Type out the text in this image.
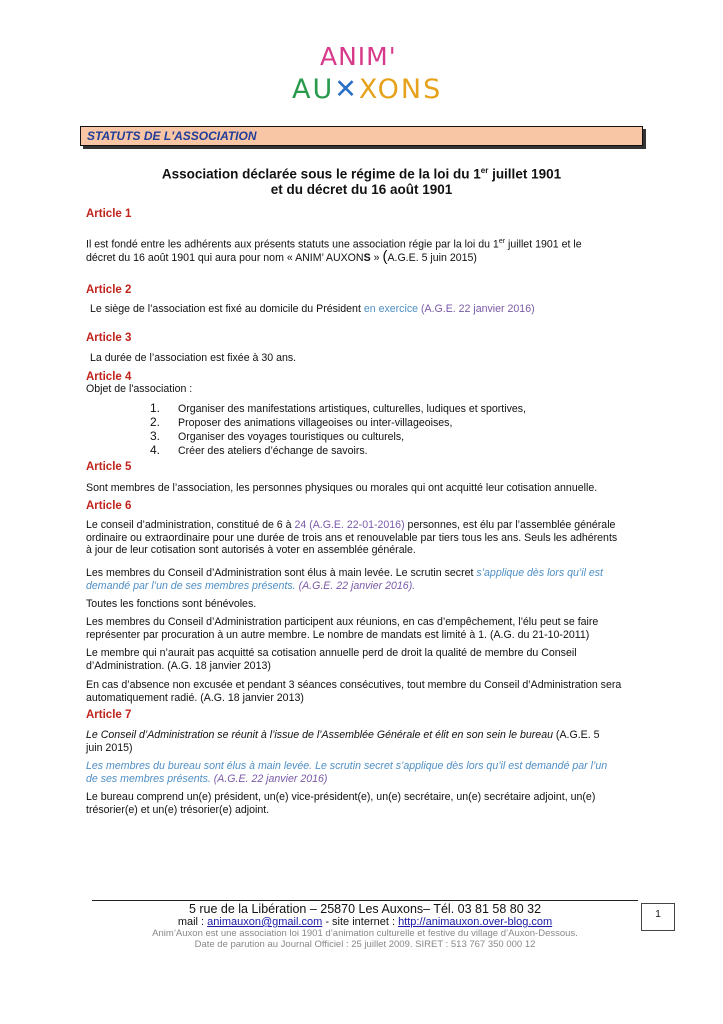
ANIM'
AU✕XONS
STATUTS DE L'ASSOCIATION
Association déclarée sous le régime de la loi du 1er juillet 1901
et du décret du 16 août 1901
Article 1
Il est fondé entre les adhérents aux présents statuts une association régie par la loi du 1er juillet 1901 et le
décret du 16 août 1901 qui aura pour nom « ANIM’ AUXONS » (A.G.E. 5 juin 2015)
Article 2
Le siège de l’association est fixé au domicile du Président en exercice (A.G.E. 22 janvier 2016)
Article 3
La durée de l’association est fixée à 30 ans.
Article 4
Objet de l'association :
1. Organiser des manifestations artistiques, culturelles, ludiques et sportives,
2. Proposer des animations villageoises ou inter-villageoises,
3. Organiser des voyages touristiques ou culturels,
4. Créer des ateliers d’échange de savoirs.
Article 5
Sont membres de l’association, les personnes physiques ou morales qui ont acquitté leur cotisation annuelle.
Article 6
Le conseil d’administration, constitué de 6 à 24 (A.G.E. 22-01-2016) personnes, est élu par l’assemblée générale
ordinaire ou extraordinaire pour une durée de trois ans et renouvelable par tiers tous les ans. Seuls les adhérents
à jour de leur cotisation sont autorisés à voter en assemblée générale.
Les membres du Conseil d’Administration sont élus à main levée. Le scrutin secret s’applique dès lors qu’il est
demandé par l’un de ses membres présents. (A.G.E. 22 janvier 2016).
Toutes les fonctions sont bénévoles.
Les membres du Conseil d’Administration participent aux réunions, en cas d’empêchement, l’élu peut se faire
représenter par procuration à un autre membre. Le nombre de mandats est limité à 1. (A.G. du 21-10-2011)
Le membre qui n’aurait pas acquitté sa cotisation annuelle perd de droit la qualité de membre du Conseil
d’Administration. (A.G. 18 janvier 2013)
En cas d’absence non excusée et pendant 3 séances consécutives, tout membre du Conseil d’Administration sera
automatiquement radié. (A.G. 18 janvier 2013)
Article 7
Le Conseil d’Administration se réunit à l’issue de l’Assemblée Générale et élit en son sein le bureau (A.G.E. 5
juin 2015)
Les membres du bureau sont élus à main levée. Le scrutin secret s’applique dès lors qu’il est demandé par l’un
de ses membres présents. (A.G.E. 22 janvier 2016)
Le bureau comprend un(e) président, un(e) vice-président(e), un(e) secrétaire, un(e) secrétaire adjoint, un(e)
trésorier(e) et un(e) trésorier(e) adjoint.
5 rue de la Libération – 25870 Les Auxons– Tél. 03 81 58 80 32
mail : animauxon@gmail.com - site internet : http://animauxon.over-blog.com
Anim’Auxon est une association loi 1901 d’animation culturelle et festive du village d’Auxon-Dessous.
Date de parution au Journal Officiel : 25 juillet 2009. SIRET : 513 767 350 000 12
1
